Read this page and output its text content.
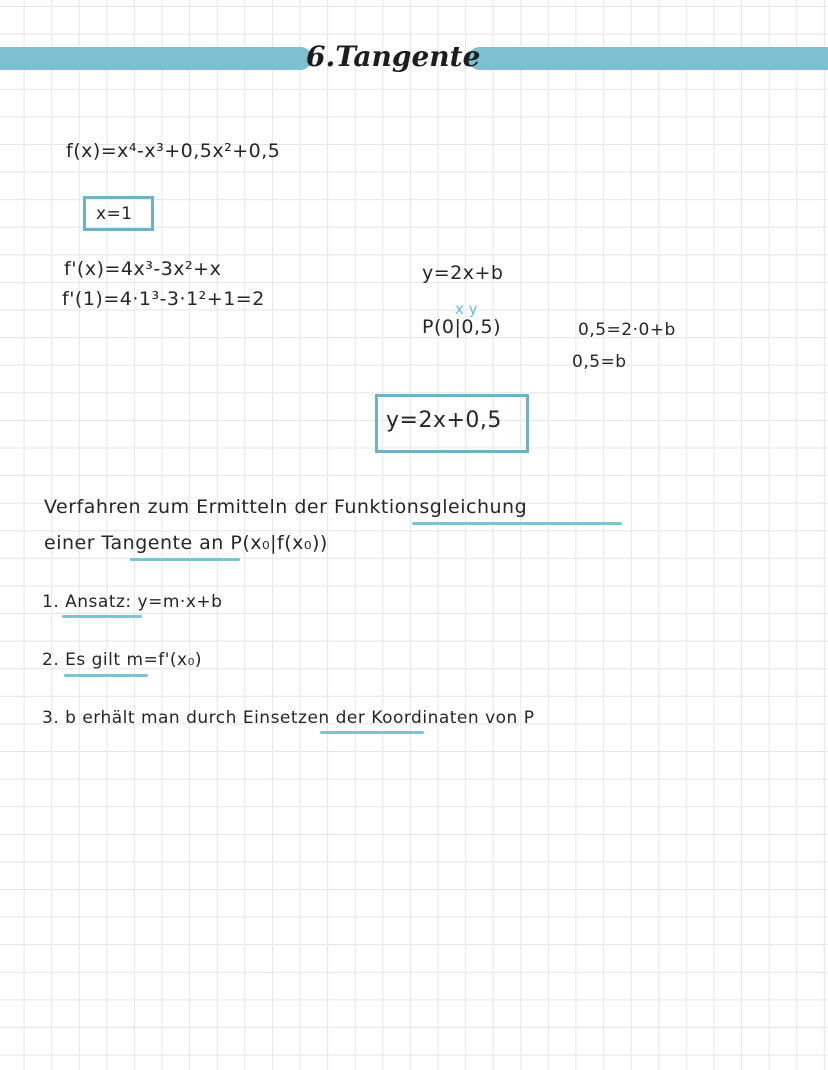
6.Tangente
f(x)=x⁴-x³+0,5x²+0,5
x=1
f'(x)=4x³-3x²+x
f'(1)=4·1³-3·1²+1=2
y=2x+b
x y
P(0|0,5)	0,5=2·0+b
0,5=b
y=2x+0,5
Verfahren zum Ermitteln der Funktionsgleichung
einer Tangente an P(x₀|f(x₀))
1. Ansatz: y=m·x+b
2. Es gilt m=f'(x₀)
3. b erhält man durch Einsetzen der Koordinaten von P
